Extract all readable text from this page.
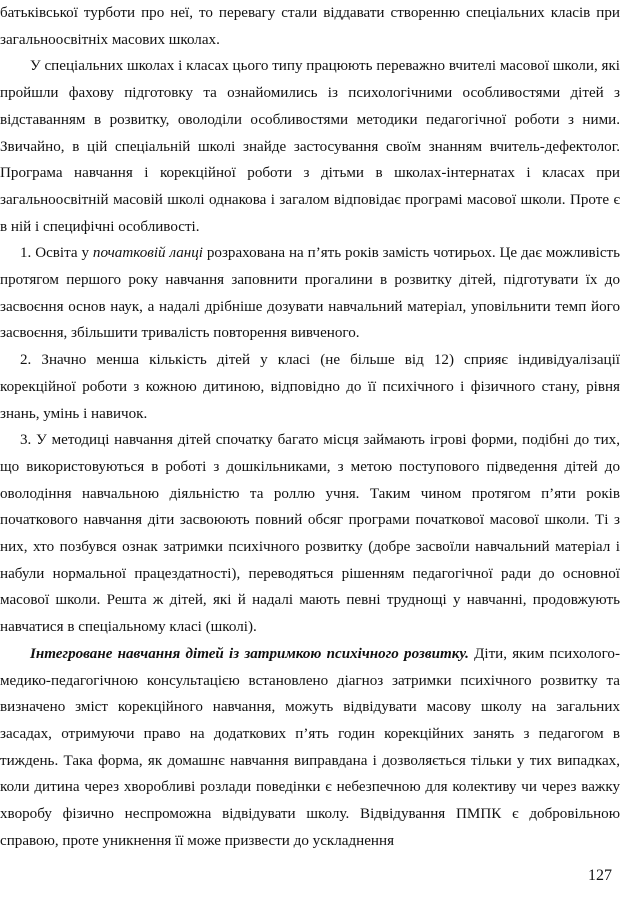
батьківської турботи про неї, то перевагу стали віддавати створенню спеціальних класів при загальноосвітніх масових школах.

У спеціальних школах і класах цього типу працюють переважно вчителі масової школи, які пройшли фахову підготовку та ознайомились із психологічними особливостями дітей з відставанням в розвитку, оволоділи особливостями методики педагогічної роботи з ними. Звичайно, в цій спеціальній школі знайде застосування своїм знанням вчитель-дефектолог. Програма навчання і корекційної роботи з дітьми в школах-інтернатах і класах при загальноосвітній масовій школі однакова і загалом відповідає програмі масової школи. Проте є в ній і специфічні особливості.

1. Освіта у початковій ланці розрахована на п’ять років замість чотирьох. Це дає можливість протягом першого року навчання заповнити прогалини в розвитку дітей, підготувати їх до засвоєння основ наук, а надалі дрібніше дозувати навчальний матеріал, уповільнити темп його засвоєння, збільшити тривалість повторення вивченого.

2. Значно менша кількість дітей у класі (не більше від 12) сприяє індивідуалізації корекційної роботи з кожною дитиною, відповідно до її психічного і фізичного стану, рівня знань, умінь і навичок.

3. У методиці навчання дітей спочатку багато місця займають ігрові форми, подібні до тих, що використовуються в роботі з дошкільниками, з метою поступового підведення дітей до оволодіння навчальною діяльністю та роллю учня. Таким чином протягом п’яти років початкового навчання діти засвоюють повний обсяг програми початкової масової школи. Ті з них, хто позбувся ознак затримки психічного розвитку (добре засвоїли навчальний матеріал і набули нормальної працездатності), переводяться рішенням педагогічної ради до основної масової школи. Решта ж дітей, які й надалі мають певні труднощі у навчанні, продовжують навчатися в спеціальному класі (школі).

Інтегроване навчання дітей із затримкою психічного розвитку. Діти, яким психолого-медико-педагогічною консультацією встановлено діагноз затримки психічного розвитку та визначено зміст корекційного навчання, можуть відвідувати масову школу на загальних засадах, отримуючи право на додаткових п’ять годин корекційних занять з педагогом в тиждень. Така форма, як домашнє навчання виправдана і дозволяється тільки у тих випадках, коли дитина через хворобливі розлади поведінки є небезпечною для колективу чи через важку хворобу фізично неспроможна відвідувати школу. Відвідування ПМПК є добровільною справою, проте уникнення її може призвести до ускладнення

127
